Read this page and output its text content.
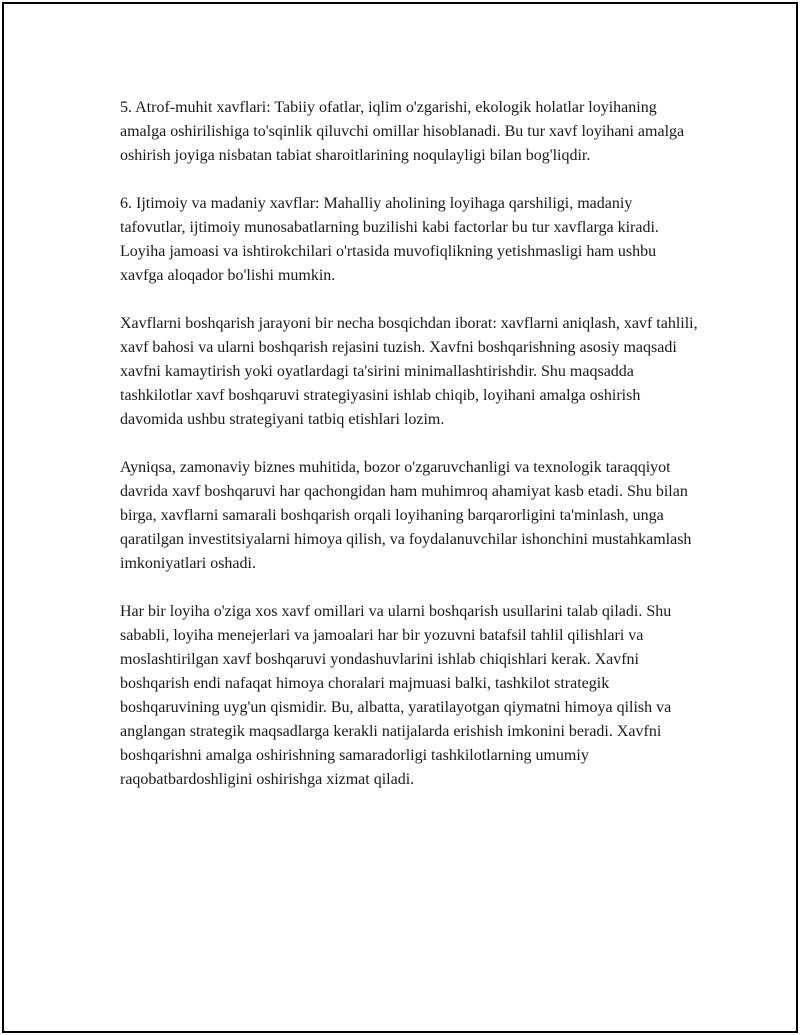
5. Atrof-muhit xavflari: Tabiiy ofatlar, iqlim o'zgarishi, ekologik holatlar loyihaning amalga oshirilishiga to'sqinlik qiluvchi omillar hisoblanadi. Bu tur xavf loyihani amalga oshirish joyiga nisbatan tabiat sharoitlarining noqulayligi bilan bog'liqdir.

6. Ijtimoiy va madaniy xavflar: Mahalliy aholining loyihaga qarshiligi, madaniy tafovutlar, ijtimoiy munosabatlarning buzilishi kabi factorlar bu tur xavflarga kiradi. Loyiha jamoasi va ishtirokchilari o'rtasida muvofiqlikning yetishmasligi ham ushbu xavfga aloqador bo'lishi mumkin.

Xavflarni boshqarish jarayoni bir necha bosqichdan iborat: xavflarni aniqlash, xavf tahlili, xavf bahosi va ularni boshqarish rejasini tuzish. Xavfni boshqarishning asosiy maqsadi xavfni kamaytirish yoki oyatlardagi ta'sirini minimallashtirishdir. Shu maqsadda tashkilotlar xavf boshqaruvi strategiyasini ishlab chiqib, loyihani amalga oshirish davomida ushbu strategiyani tatbiq etishlari lozim.

Ayniqsa, zamonaviy biznes muhitida, bozor o'zgaruvchanligi va texnologik taraqqiyot davrida xavf boshqaruvi har qachongidan ham muhimroq ahamiyat kasb etadi. Shu bilan birga, xavflarni samarali boshqarish orqali loyihaning barqarorligini ta'minlash, unga qaratilgan investitsiyalarni himoya qilish, va foydalanuvchilar ishonchini mustahkamlash imkoniyatlari oshadi.

Har bir loyiha o'ziga xos xavf omillari va ularni boshqarish usullarini talab qiladi. Shu sababli, loyiha menejerlari va jamoalari har bir yozuvni batafsil tahlil qilishlari va moslashtirilgan xavf boshqaruvi yondashuvlarini ishlab chiqishlari kerak. Xavfni boshqarish endi nafaqat himoya choralari majmuasi balki, tashkilot strategik boshqaruvining uyg'un qismidir. Bu, albatta, yaratilayotgan qiymatni himoya qilish va anglangan strategik maqsadlarga kerakli natijalarda erishish imkonini beradi. Xavfni boshqarishni amalga oshirishning samaradorligi tashkilotlarning umumiy raqobatbardoshligini oshirishga xizmat qiladi.
